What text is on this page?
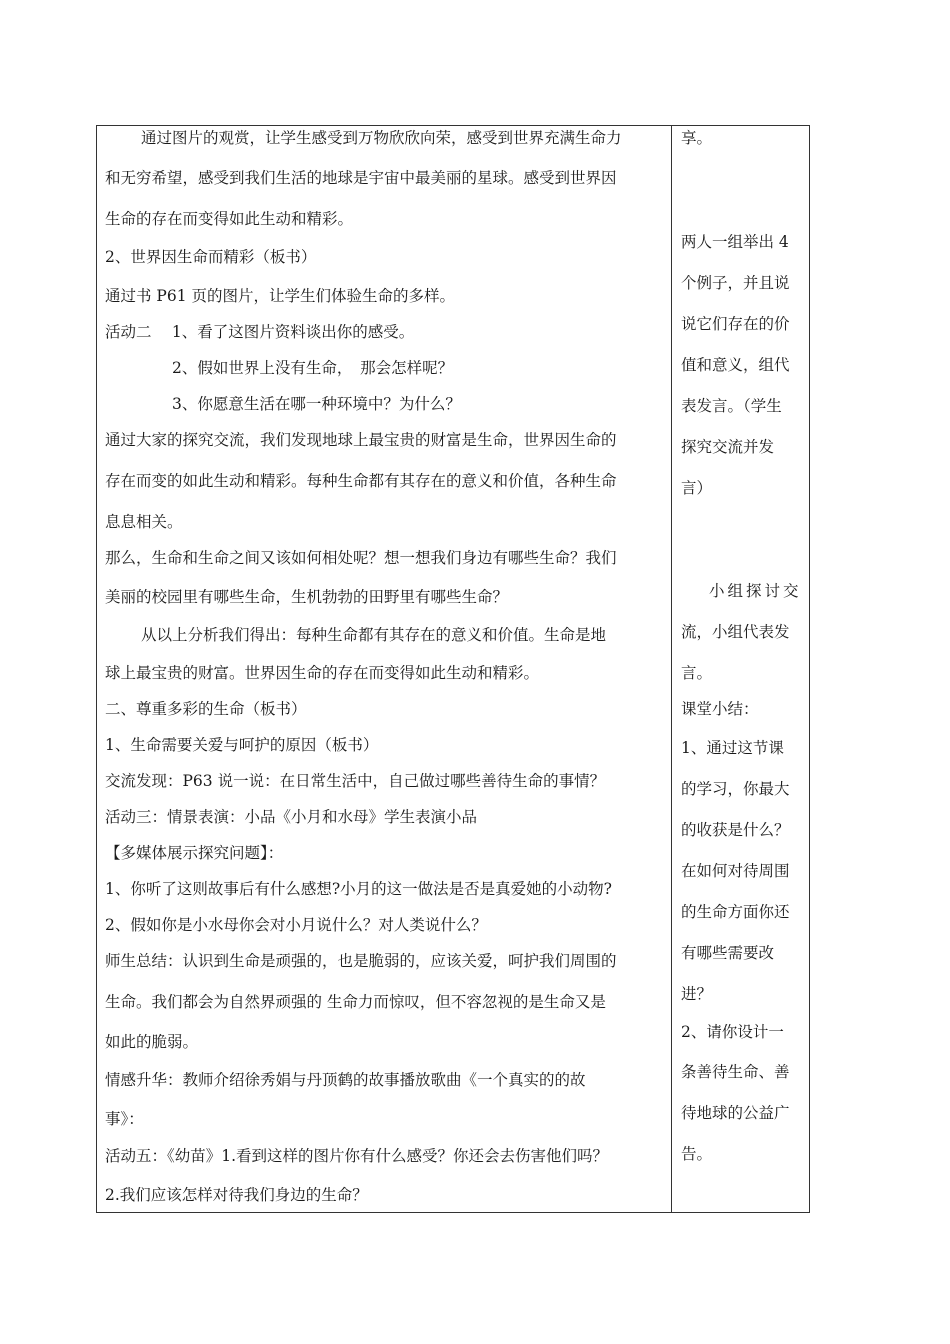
通过图片的观赏，让学生感受到万物欣欣向荣，感受到世界充满生命力
和无穷希望，感受到我们生活的地球是宇宙中最美丽的星球。感受到世界因
生命的存在而变得如此生动和精彩。
2、世界因生命而精彩（板书）
通过书 P61 页的图片，让学生们体验生命的多样。
活动二　 1、看了这图片资料谈出你的感受。
2、假如世界上没有生命，　那会怎样呢？
3、你愿意生活在哪一种环境中？为什么？
通过大家的探究交流，我们发现地球上最宝贵的财富是生命，世界因生命的
存在而变的如此生动和精彩。每种生命都有其存在的意义和价值，各种生命
息息相关。
那么，生命和生命之间又该如何相处呢？想一想我们身边有哪些生命？我们
美丽的校园里有哪些生命，生机勃勃的田野里有哪些生命？
从以上分析我们得出：每种生命都有其存在的意义和价值。生命是地
球上最宝贵的财富。世界因生命的存在而变得如此生动和精彩。
二、尊重多彩的生命（板书）
1、生命需要关爱与呵护的原因（板书）
交流发现：P63 说一说：在日常生活中，自己做过哪些善待生命的事情？
活动三：情景表演：小品《小月和水母》学生表演小品
【多媒体展示探究问题】：
1、你听了这则故事后有什么感想?小月的这一做法是否是真爱她的小动物?
2、假如你是小水母你会对小月说什么？对人类说什么？
师生总结：认识到生命是顽强的，也是脆弱的，应该关爱，呵护我们周围的
生命。我们都会为自然界顽强的 生命力而惊叹，但不容忽视的是生命又是
如此的脆弱。
情感升华：教师介绍徐秀娟与丹顶鹤的故事播放歌曲《一个真实的的故
事》：
活动五：《幼苗》1.看到这样的图片你有什么感受？你还会去伤害他们吗？
2.我们应该怎样对待我们身边的生命？
享。
两人一组举出 4
个例子，并且说
说它们存在的价
值和意义，组代
表发言。（学生
探究交流并发
言）
小组探讨交
流，小组代表发
言。
课堂小结：
1、通过这节课
的学习，你最大
的收获是什么？
在如何对待周围
的生命方面你还
有哪些需要改
进？
2、请你设计一
条善待生命、善
待地球的公益广
告。
